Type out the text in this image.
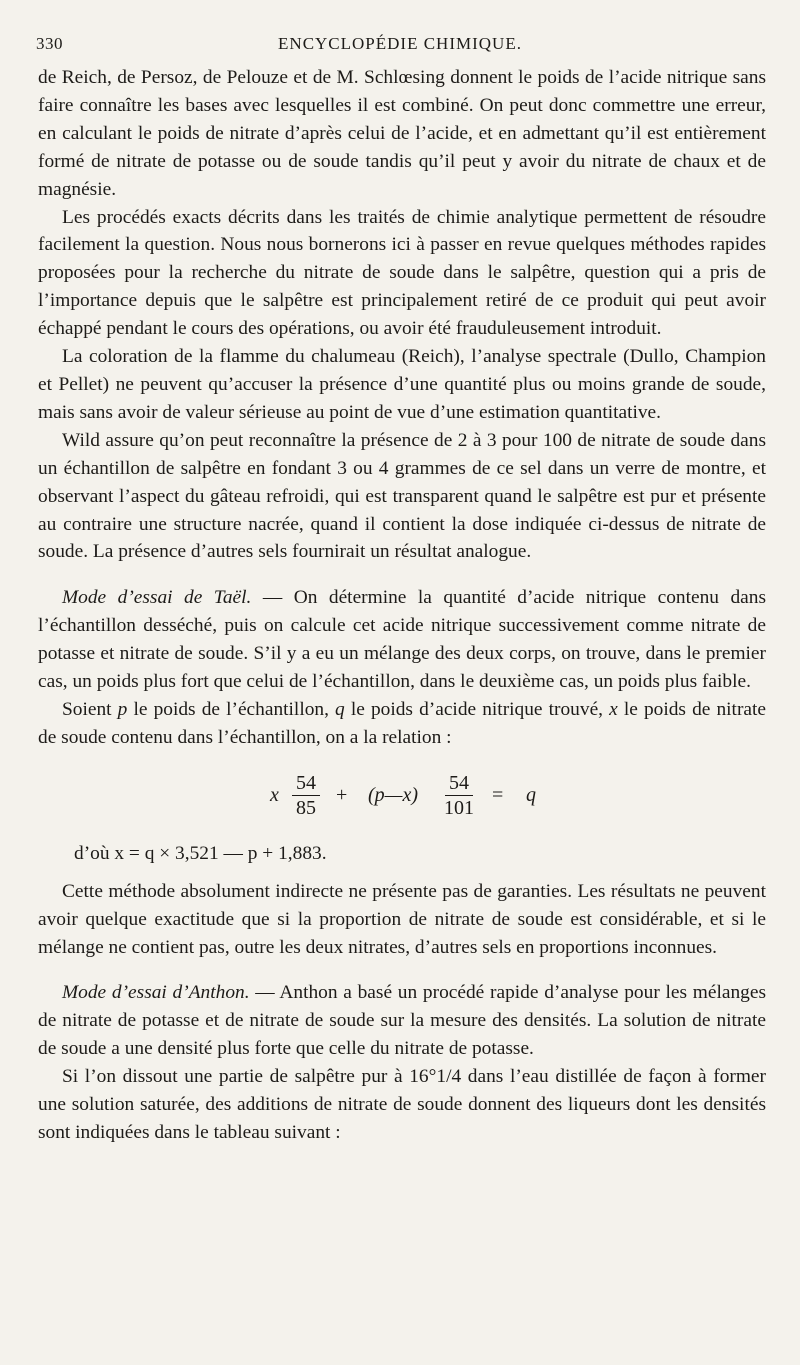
330	ENCYCLOPÉDIE CHIMIQUE.

de Reich, de Persoz, de Pelouze et de M. Schlœsing donnent le poids de l’acide nitrique sans faire connaître les bases avec lesquelles il est combiné. On peut donc commettre une erreur, en calculant le poids de nitrate d’après celui de l’acide, et en admettant qu’il est entièrement formé de nitrate de potasse ou de soude tandis qu’il peut y avoir du nitrate de chaux et de magnésie.

Les procédés exacts décrits dans les traités de chimie analytique permettent de résoudre facilement la question. Nous nous bornerons ici à passer en revue quelques méthodes rapides proposées pour la recherche du nitrate de soude dans le salpêtre, question qui a pris de l’importance depuis que le salpêtre est principalement retiré de ce produit qui peut avoir échappé pendant le cours des opérations, ou avoir été frauduleusement introduit.

La coloration de la flamme du chalumeau (Reich), l’analyse spectrale (Dullo, Champion et Pellet) ne peuvent qu’accuser la présence d’une quantité plus ou moins grande de soude, mais sans avoir de valeur sérieuse au point de vue d’une estimation quantitative.

Wild assure qu’on peut reconnaître la présence de 2 à 3 pour 100 de nitrate de soude dans un échantillon de salpêtre en fondant 3 ou 4 grammes de ce sel dans un verre de montre, et observant l’aspect du gâteau refroidi, qui est transparent quand le salpêtre est pur et présente au contraire une structure nacrée, quand il contient la dose indiquée ci-dessus de nitrate de soude. La présence d’autres sels fournirait un résultat analogue.

Mode d’essai de Taël. — On détermine la quantité d’acide nitrique contenu dans l’échantillon desséché, puis on calcule cet acide nitrique successivement comme nitrate de potasse et nitrate de soude. S’il y a eu un mélange des deux corps, on trouve, dans le premier cas, un poids plus fort que celui de l’échantillon, dans le deuxième cas, un poids plus faible.

Soient p le poids de l’échantillon, q le poids d’acide nitrique trouvé, x le poids de nitrate de soude contenu dans l’échantillon, on a la relation :

x $\frac{54}{85}$ + (p—x) $\frac{54}{101} = q$
d’où x = q × 3,521 — p + 1,883.

Cette méthode absolument indirecte ne présente pas de garanties. Les résultats ne peuvent avoir quelque exactitude que si la proportion de nitrate de soude est considérable, et si le mélange ne contient pas, outre les deux nitrates, d’autres sels en proportions inconnues.

Mode d’essai d’Anthon. — Anthon a basé un procédé rapide d’analyse pour les mélanges de nitrate de potasse et de nitrate de soude sur la mesure des densités. La solution de nitrate de soude a une densité plus forte que celle du nitrate de potasse.

Si l’on dissout une partie de salpêtre pur à 16°1/4 dans l’eau distillée de façon à former une solution saturée, des additions de nitrate de soude donnent des liqueurs dont les densités sont indiquées dans le tableau suivant :
